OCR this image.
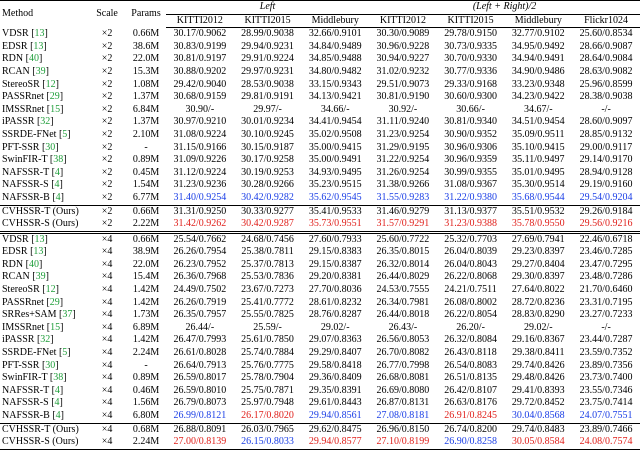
Method	Scale	Params	Left			(Left + Right)/2			
			KITTI2012	KITTI2015	Middlebury	KITTI2012	KITTI2015	Middlebury	Flickr1024
VDSR [13]	×2	0.66M	30.17/0.9062	28.99/0.9038	32.66/0.9101	30.30/0.9089	29.78/0.9150	32.77/0.9102	25.60/0.8534
EDSR [13]	×2	38.6M	30.83/0.9199	29.94/0.9231	34.84/0.9489	30.96/0.9228	30.73/0.9335	34.95/0.9492	28.66/0.9087
RDN [40]	×2	22.0M	30.81/0.9197	29.91/0.9224	34.85/0.9488	30.94/0.9227	30.70/0.9330	34.94/0.9491	28.64/0.9084
RCAN [39]	×2	15.3M	30.88/0.9202	29.97/0.9231	34.80/0.9482	31.02/0.9232	30.77/0.9336	34.90/0.9486	28.63/0.9082
StereoSR [12]	×2	1.08M	29.42/0.9040	28.53/0.9038	33.15/0.9343	29.51/0.9073	29.33/0.9168	33.23/0.9348	25.96/0.8599
PASSRnet [29]	×2	1.37M	30.68/0.9159	29.81/0.9191	34.13/0.9421	30.81/0.9190	30.60/0.9300	34.23/0.9422	28.38/0.9038
IMSSRnet [15]	×2	6.84M	30.90/-	29.97/-	34.66/-	30.92/-	30.66/-	34.67/-	-/-
iPASSR [32]	×2	1.37M	30.97/0.9210	30.01/0.9234	34.41/0.9454	31.11/0.9240	30.81/0.9340	34.51/0.9454	28.60/0.9097
SSRDE-FNet [5]	×2	2.10M	31.08/0.9224	30.10/0.9245	35.02/0.9508	31.23/0.9254	30.90/0.9352	35.09/0.9511	28.85/0.9132
PFT-SSR [30]	×2	-	31.15/0.9166	30.15/0.9187	35.00/0.9415	31.29/0.9195	30.96/0.9306	35.10/0.9415	29.00/0.9117
SwinFIR-T [38]	×2	0.89M	31.09/0.9226	30.17/0.9258	35.00/0.9491	31.22/0.9254	30.96/0.9359	35.11/0.9497	29.14/0.9170
NAFSSR-T [4]	×2	0.45M	31.12/0.9224	30.19/0.9253	34.93/0.9495	31.26/0.9254	30.99/0.9355	35.01/0.9495	28.94/0.9128
NAFSSR-S [4]	×2	1.54M	31.23/0.9236	30.28/0.9266	35.23/0.9515	31.38/0.9266	31.08/0.9367	35.30/0.9514	29.19/0.9160
NAFSSR-B [4]	×2	6.77M	31.40/0.9254	30.42/0.9282	35.62/0.9545	31.55/0.9283	31.22/0.9380	35.68/0.9544	29.54/0.9204
CVHSSR-T (Ours)	×2	0.66M	31.31/0.9250	30.33/0.9277	35.41/0.9533	31.46/0.9279	31.13/0.9377	35.51/0.9532	29.26/0.9184
CVHSSR-S (Ours)	×2	2.22M	31.42/0.9262	30.42/0.9287	35.73/0.9551	31.57/0.9291	31.23/0.9388	35.78/0.9550	29.56/0.9216
VDSR [13]	×4	0.66M	25.54/0.7662	24.68/0.7456	27.60/0.7933	25.60/0.7722	25.32/0.7703	27.69/0.7941	22.46/0.6718
EDSR [13]	×4	38.9M	26.26/0.7954	25.38/0.7811	29.15/0.8383	26.35/0.8015	26.04/0.8039	29.23/0.8397	23.46/0.7285
RDN [40]	×4	22.0M	26.23/0.7952	25.37/0.7813	29.15/0.8387	26.32/0.8014	26.04/0.8043	29.27/0.8404	23.47/0.7295
RCAN [39]	×4	15.4M	26.36/0.7968	25.53/0.7836	29.20/0.8381	26.44/0.8029	26.22/0.8068	29.30/0.8397	23.48/0.7286
StereoSR [12]	×4	1.42M	24.49/0.7502	23.67/0.7273	27.70/0.8036	24.53/0.7555	24.21/0.7511	27.64/0.8022	21.70/0.6460
PASSRnet [29]	×4	1.42M	26.26/0.7919	25.41/0.7772	28.61/0.8232	26.34/0.7981	26.08/0.8002	28.72/0.8236	23.31/0.7195
SRRes+SAM [37]	×4	1.73M	26.35/0.7957	25.55/0.7825	28.76/0.8287	26.44/0.8018	26.22/0.8054	28.83/0.8290	23.27/0.7233
IMSSRnet [15]	×4	6.89M	26.44/-	25.59/-	29.02/-	26.43/-	26.20/-	29.02/-	-/-
iPASSR [32]	×4	1.42M	26.47/0.7993	25.61/0.7850	29.07/0.8363	26.56/0.8053	26.32/0.8084	29.16/0.8367	23.44/0.7287
SSRDE-FNet [5]	×4	2.24M	26.61/0.8028	25.74/0.7884	29.29/0.8407	26.70/0.8082	26.43/0.8118	29.38/0.8411	23.59/0.7352
PFT-SSR [30]	×4	-	26.64/0.7913	25.76/0.7775	29.58/0.8418	26.77/0.7998	26.54/0.8083	29.74/0.8426	23.89/0.7356
SwinFIR-T [38]	×4	0.89M	26.59/0.8017	25.78/0.7904	29.36/0.8409	26.68/0.8081	26.51/0.8135	29.48/0.8426	23.73/0.7400
NAFSSR-T [4]	×4	0.46M	26.59/0.8010	25.75/0.7871	29.35/0.8391	26.69/0.8080	26.42/0.8107	29.41/0.8393	23.55/0.7346
NAFSSR-S [4]	×4	1.56M	26.79/0.8073	25.97/0.7948	29.61/0.8443	26.87/0.8131	26.63/0.8176	29.72/0.8452	23.75/0.7414
NAFSSR-B [4]	×4	6.80M	26.99/0.8121	26.17/0.8020	29.94/0.8561	27.08/0.8181	26.91/0.8245	30.04/0.8568	24.07/0.7551
CVHSSR-T (Ours)	×4	0.68M	26.88/0.8091	26.03/0.7965	29.62/0.8475	26.96/0.8150	26.74/0.8200	29.74/0.8483	23.89/0.7466
CVHSSR-S (Ours)	×4	2.24M	27.00/0.8139	26.15/0.8033	29.94/0.8577	27.10/0.8199	26.90/0.8258	30.05/0.8584	24.08/0.7574
